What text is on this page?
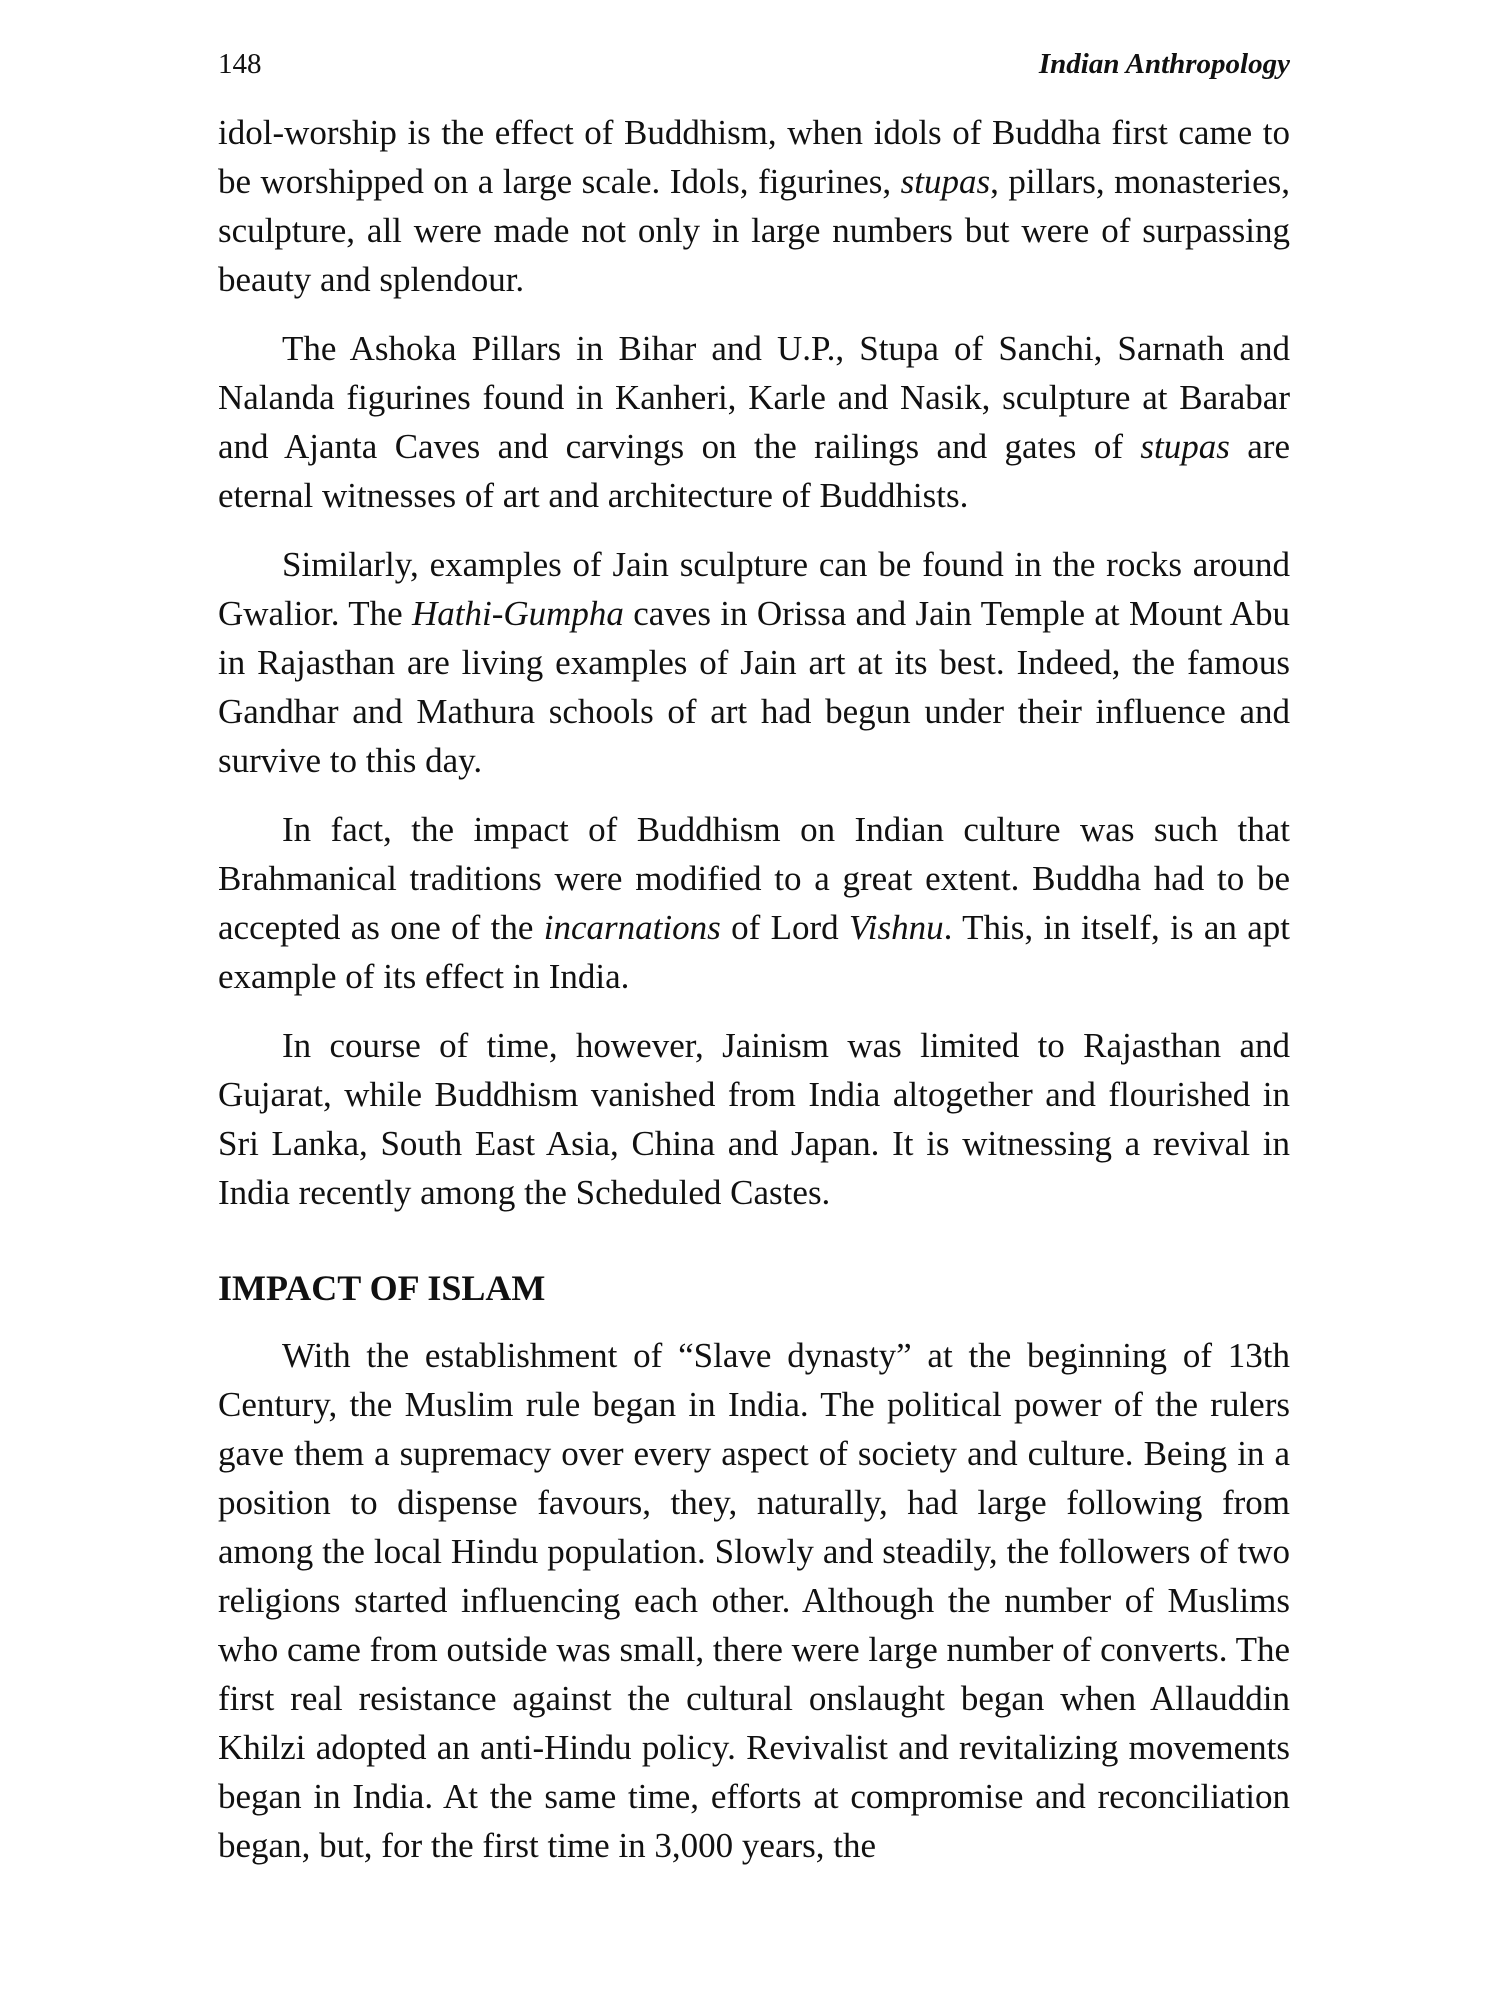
148	Indian Anthropology

idol-worship is the effect of Buddhism, when idols of Buddha first came to be worshipped on a large scale. Idols, figurines, stupas, pillars, monasteries, sculpture, all were made not only in large numbers but were of surpassing beauty and splendour.

The Ashoka Pillars in Bihar and U.P., Stupa of Sanchi, Sarnath and Nalanda figurines found in Kanheri, Karle and Nasik, sculpture at Barabar and Ajanta Caves and carvings on the railings and gates of stupas are eternal witnesses of art and architecture of Buddhists.

Similarly, examples of Jain sculpture can be found in the rocks around Gwalior. The Hathi-Gumpha caves in Orissa and Jain Temple at Mount Abu in Rajasthan are living examples of Jain art at its best. Indeed, the famous Gandhar and Mathura schools of art had begun under their influence and survive to this day.

In fact, the impact of Buddhism on Indian culture was such that Brahmanical traditions were modified to a great extent. Buddha had to be accepted as one of the incarnations of Lord Vishnu. This, in itself, is an apt example of its effect in India.

In course of time, however, Jainism was limited to Rajasthan and Gujarat, while Buddhism vanished from India altogether and flourished in Sri Lanka, South East Asia, China and Japan. It is witnessing a revival in India recently among the Scheduled Castes.

IMPACT OF ISLAM

With the establishment of “Slave dynasty” at the beginning of 13th Century, the Muslim rule began in India. The political power of the rulers gave them a supremacy over every aspect of society and culture. Being in a position to dispense favours, they, naturally, had large following from among the local Hindu population. Slowly and steadily, the followers of two religions started influencing each other. Although the number of Muslims who came from outside was small, there were large number of converts. The first real resistance against the cultural onslaught began when Allauddin Khilzi adopted an anti-Hindu policy. Revivalist and revitalizing movements began in India. At the same time, efforts at compromise and reconciliation began, but, for the first time in 3,000 years, the
